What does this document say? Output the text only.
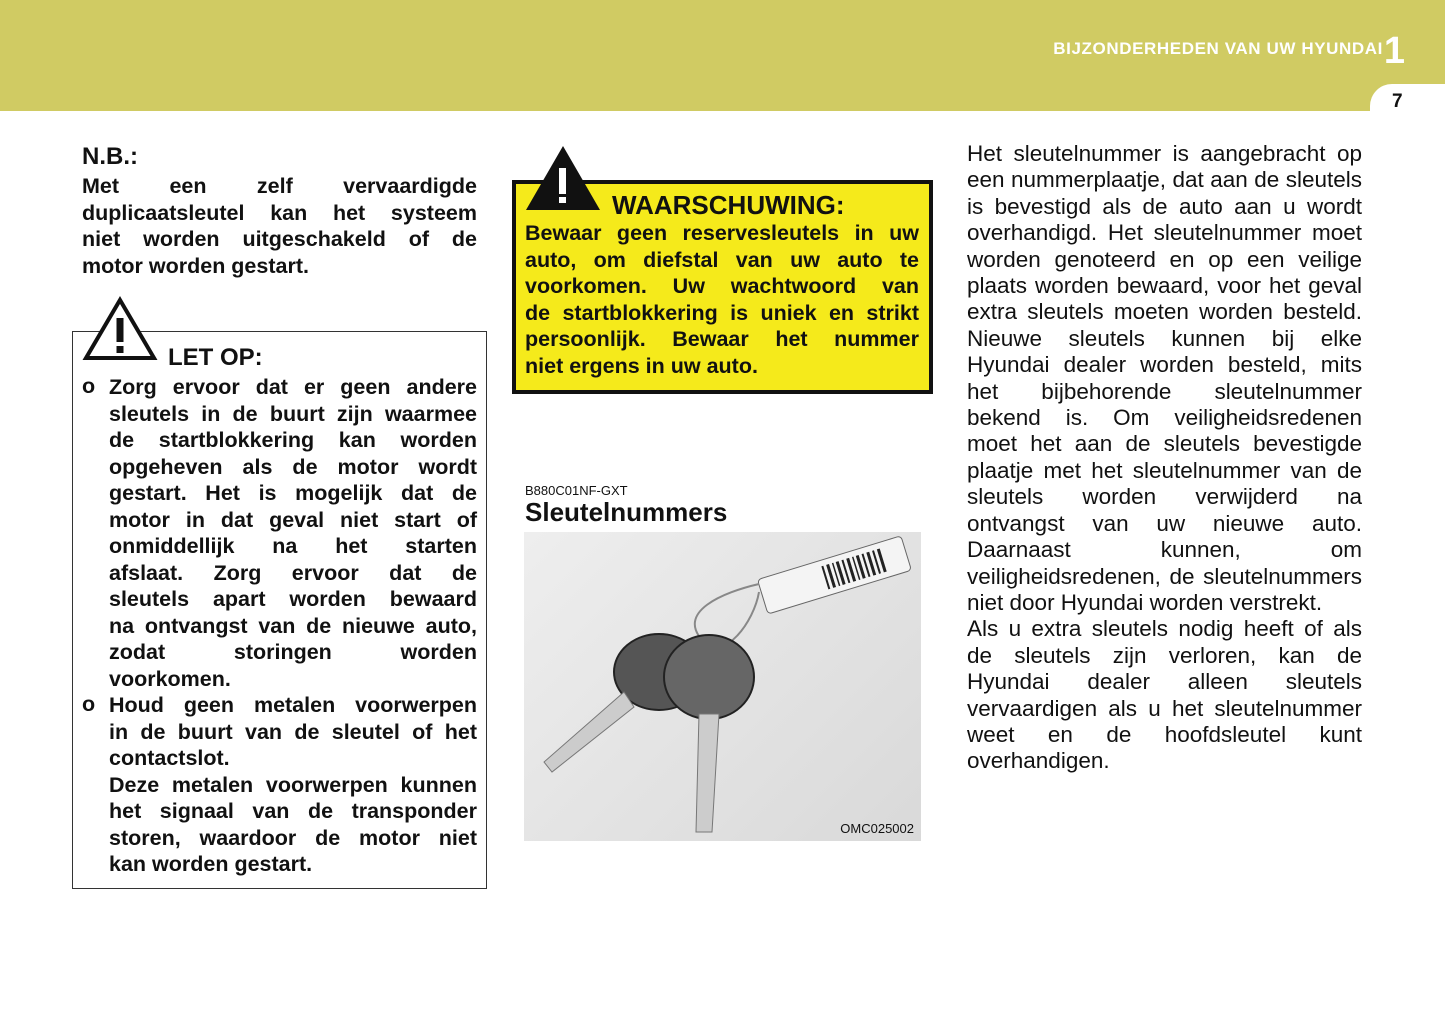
BIJZONDERHEDEN VAN UW HYUNDAI 1
7
N.B.:
Met een zelf vervaardigde
duplicaatsleutel kan het systeem
niet worden uitgeschakeld of de
motor worden gestart.
LET OP:
o Zorg ervoor dat er geen andere
sleutels in de buurt zijn waarmee
de startblokkering kan worden
opgeheven als de motor wordt
gestart. Het is mogelijk dat de
motor in dat geval niet start of
onmiddellijk na het starten
afslaat. Zorg ervoor dat de
sleutels apart worden bewaard
na ontvangst van de nieuwe auto,
zodat storingen worden
voorkomen.
o Houd geen metalen voorwerpen
in de buurt van de sleutel of het
contactslot.
Deze metalen voorwerpen kunnen
het signaal van de transponder
storen, waardoor de motor niet
kan worden gestart.
WAARSCHUWING:
Bewaar geen reservesleutels in uw
auto, om diefstal van uw auto te
voorkomen. Uw wachtwoord van
de startblokkering is uniek en strikt
persoonlijk. Bewaar het nummer
niet ergens in uw auto.
B880C01NF-GXT
Sleutelnummers
OMC025002
Het sleutelnummer is aangebracht op
een nummerplaatje, dat aan de sleutels
is bevestigd als de auto aan u wordt
overhandigd. Het sleutelnummer moet
worden genoteerd en op een veilige
plaats worden bewaard, voor het geval
extra sleutels moeten worden besteld.
Nieuwe sleutels kunnen bij elke
Hyundai dealer worden besteld, mits
het bijbehorende sleutelnummer
bekend is. Om veiligheidsredenen
moet het aan de sleutels bevestigde
plaatje met het sleutelnummer van de
sleutels worden verwijderd na
ontvangst van uw nieuwe auto.
Daarnaast kunnen, om
veiligheidsredenen, de sleutelnummers
niet door Hyundai worden verstrekt.
Als u extra sleutels nodig heeft of als
de sleutels zijn verloren, kan de
Hyundai dealer alleen sleutels
vervaardigen als u het sleutelnummer
weet en de hoofdsleutel kunt
overhandigen.
